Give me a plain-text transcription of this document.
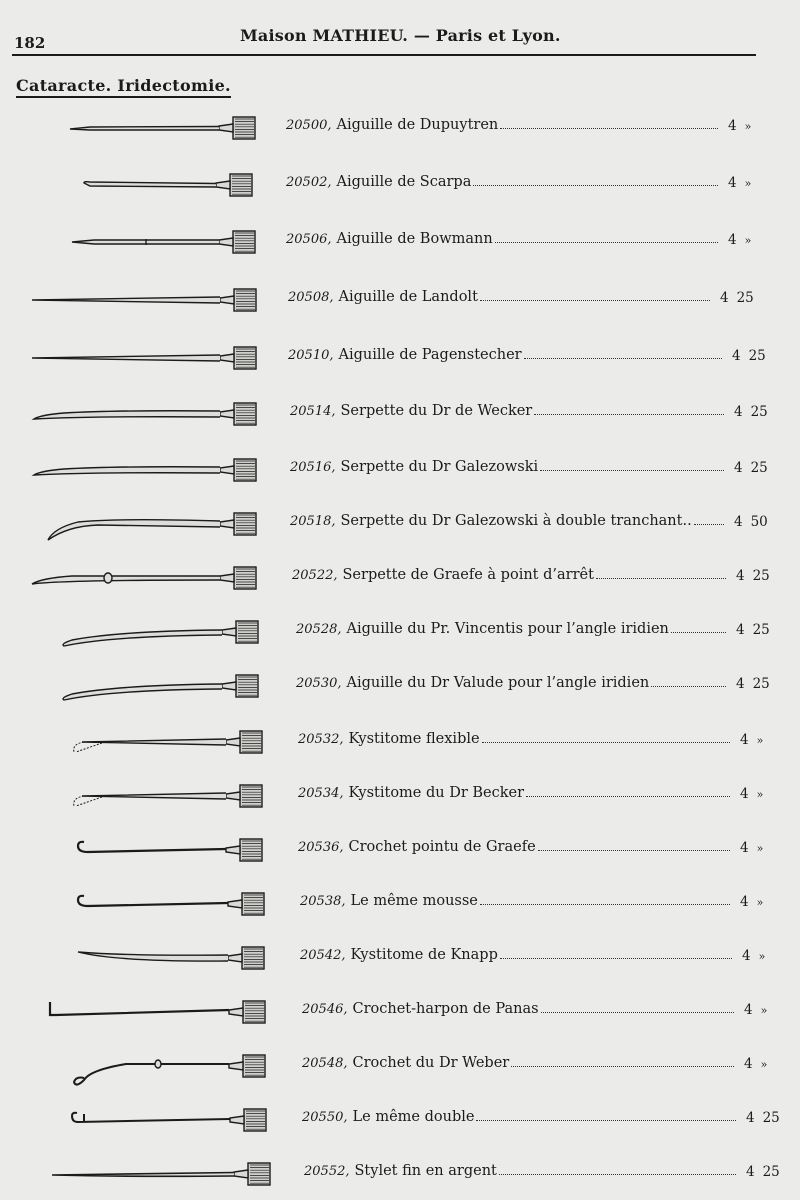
182	Maison MATHIEU. — Paris et Lyon.
Cataracte. Iridectomie.
20500, Aiguille de Dupuytren	4 »
20502, Aiguille de Scarpa	4 »
20506, Aiguille de Bowmann	4 »
20508, Aiguille de Landolt	4 25
20510, Aiguille de Pagenstecher	4 25
20514, Serpette du Dr de Wecker	4 25
20516, Serpette du Dr Galezowski	4 25
20518, Serpette du Dr Galezowski à double tranchant..	4 50
20522, Serpette de Graefe à point d’arrêt	4 25
20528, Aiguille du Pr. Vincentis pour l’angle iridien	4 25
20530, Aiguille du Dr Valude pour l’angle iridien	4 25
20532, Kystitome flexible	4 »
20534, Kystitome du Dr Becker	4 »
20536, Crochet pointu de Graefe	4 »
20538, Le même mousse	4 »
20542, Kystitome de Knapp	4 »
20546, Crochet-harpon de Panas	4 »
20548, Crochet du Dr Weber	4 »
20550, Le même double	4 25
20552, Stylet fin en argent	4 25
